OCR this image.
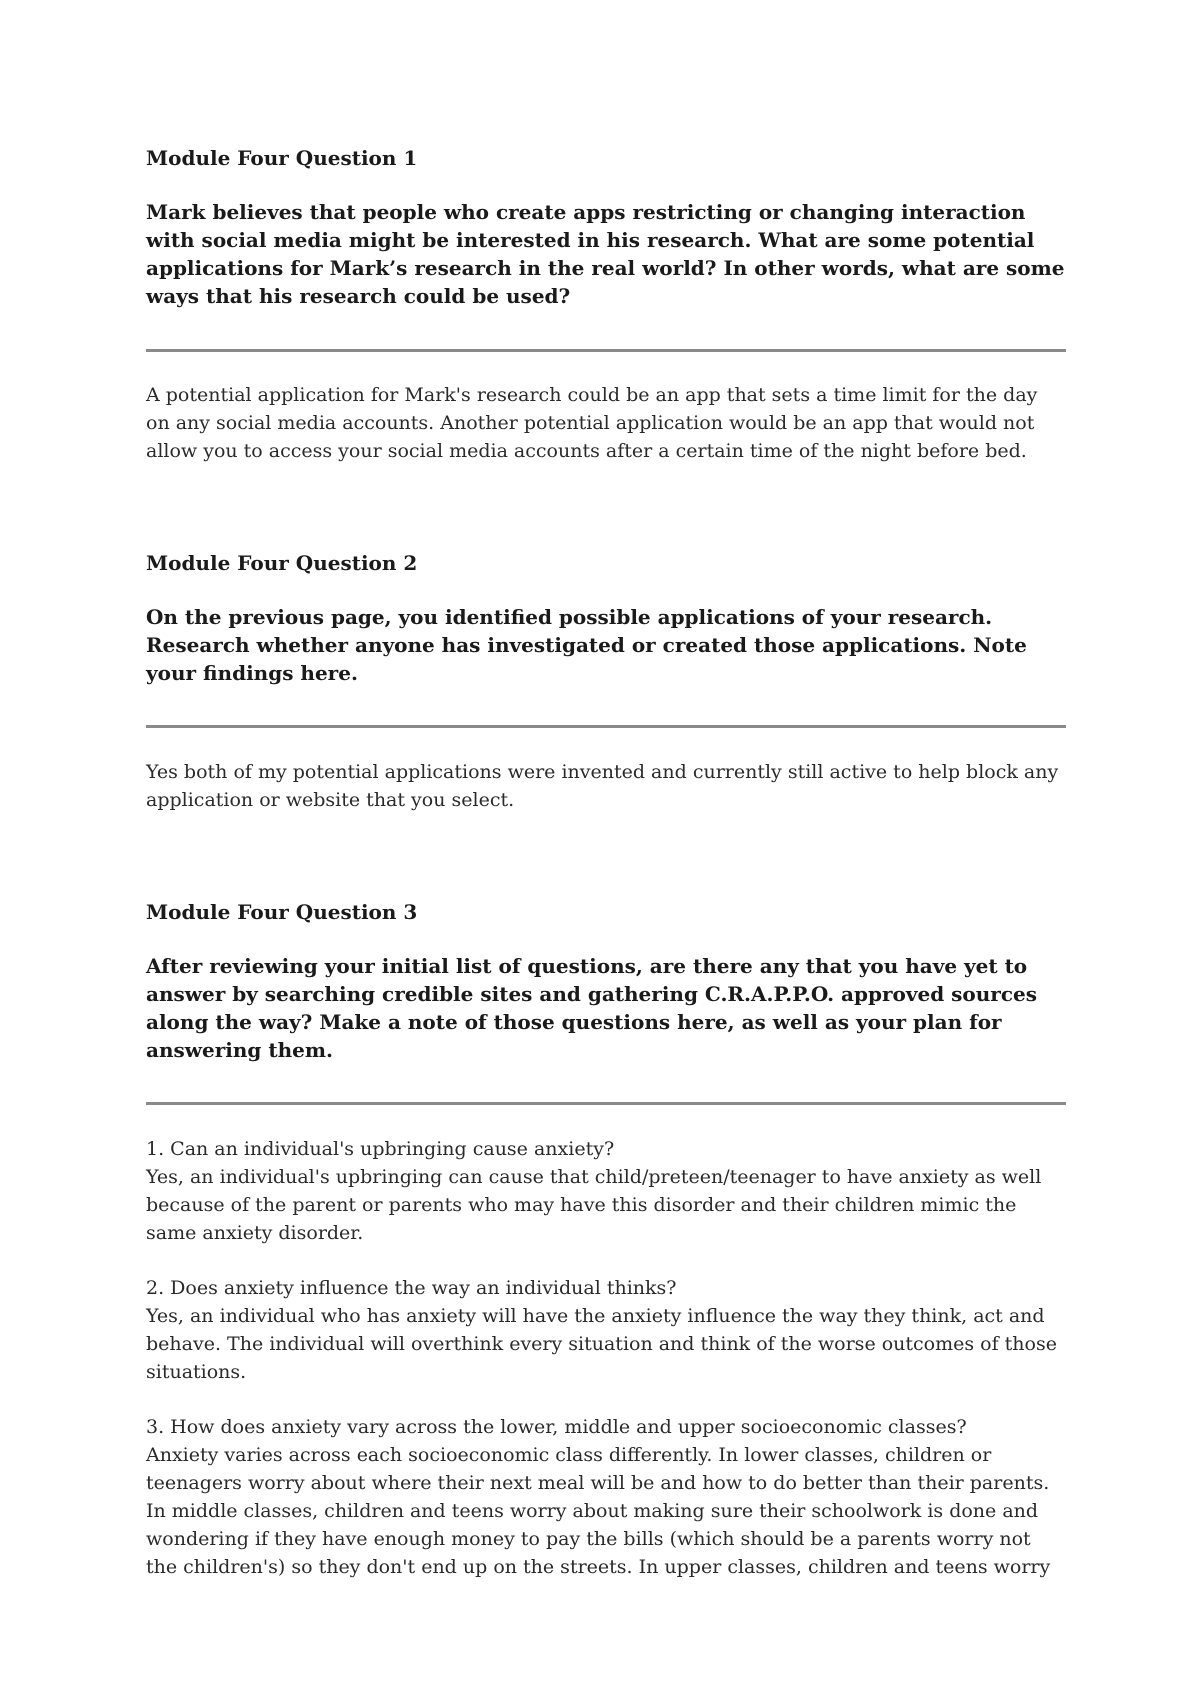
Module Four Question 1
Mark believes that people who create apps restricting or changing interaction with social media might be interested in his research. What are some potential applications for Mark’s research in the real world? In other words, what are some ways that his research could be used?
A potential application for Mark's research could be an app that sets a time limit for the day on any social media accounts. Another potential application would be an app that would not allow you to access your social media accounts after a certain time of the night before bed.
Module Four Question 2
On the previous page, you identified possible applications of your research. Research whether anyone has investigated or created those applications. Note your findings here.
Yes both of my potential applications were invented and currently still active to help block any application or website that you select.
Module Four Question 3
After reviewing your initial list of questions, are there any that you have yet to answer by searching credible sites and gathering C.R.A.P.P.O. approved sources along the way? Make a note of those questions here, as well as your plan for answering them.

1. Can an individual's upbringing cause anxiety?

Yes, an individual's upbringing can cause that child/preteen/teenager to have anxiety as well because of the parent or parents who may have this disorder and their children mimic the same anxiety disorder.

2. Does anxiety influence the way an individual thinks?

Yes, an individual who has anxiety will have the anxiety influence the way they think, act and behave. The individual will overthink every situation and think of the worse outcomes of those situations.

3. How does anxiety vary across the lower, middle and upper socioeconomic classes?

Anxiety varies across each socioeconomic class differently. In lower classes, children or teenagers worry about where their next meal will be and how to do better than their parents. In middle classes, children and teens worry about making sure their schoolwork is done and wondering if they have enough money to pay the bills (which should be a parents worry not the children's) so they don't end up on the streets. In upper classes, children and teens worry
